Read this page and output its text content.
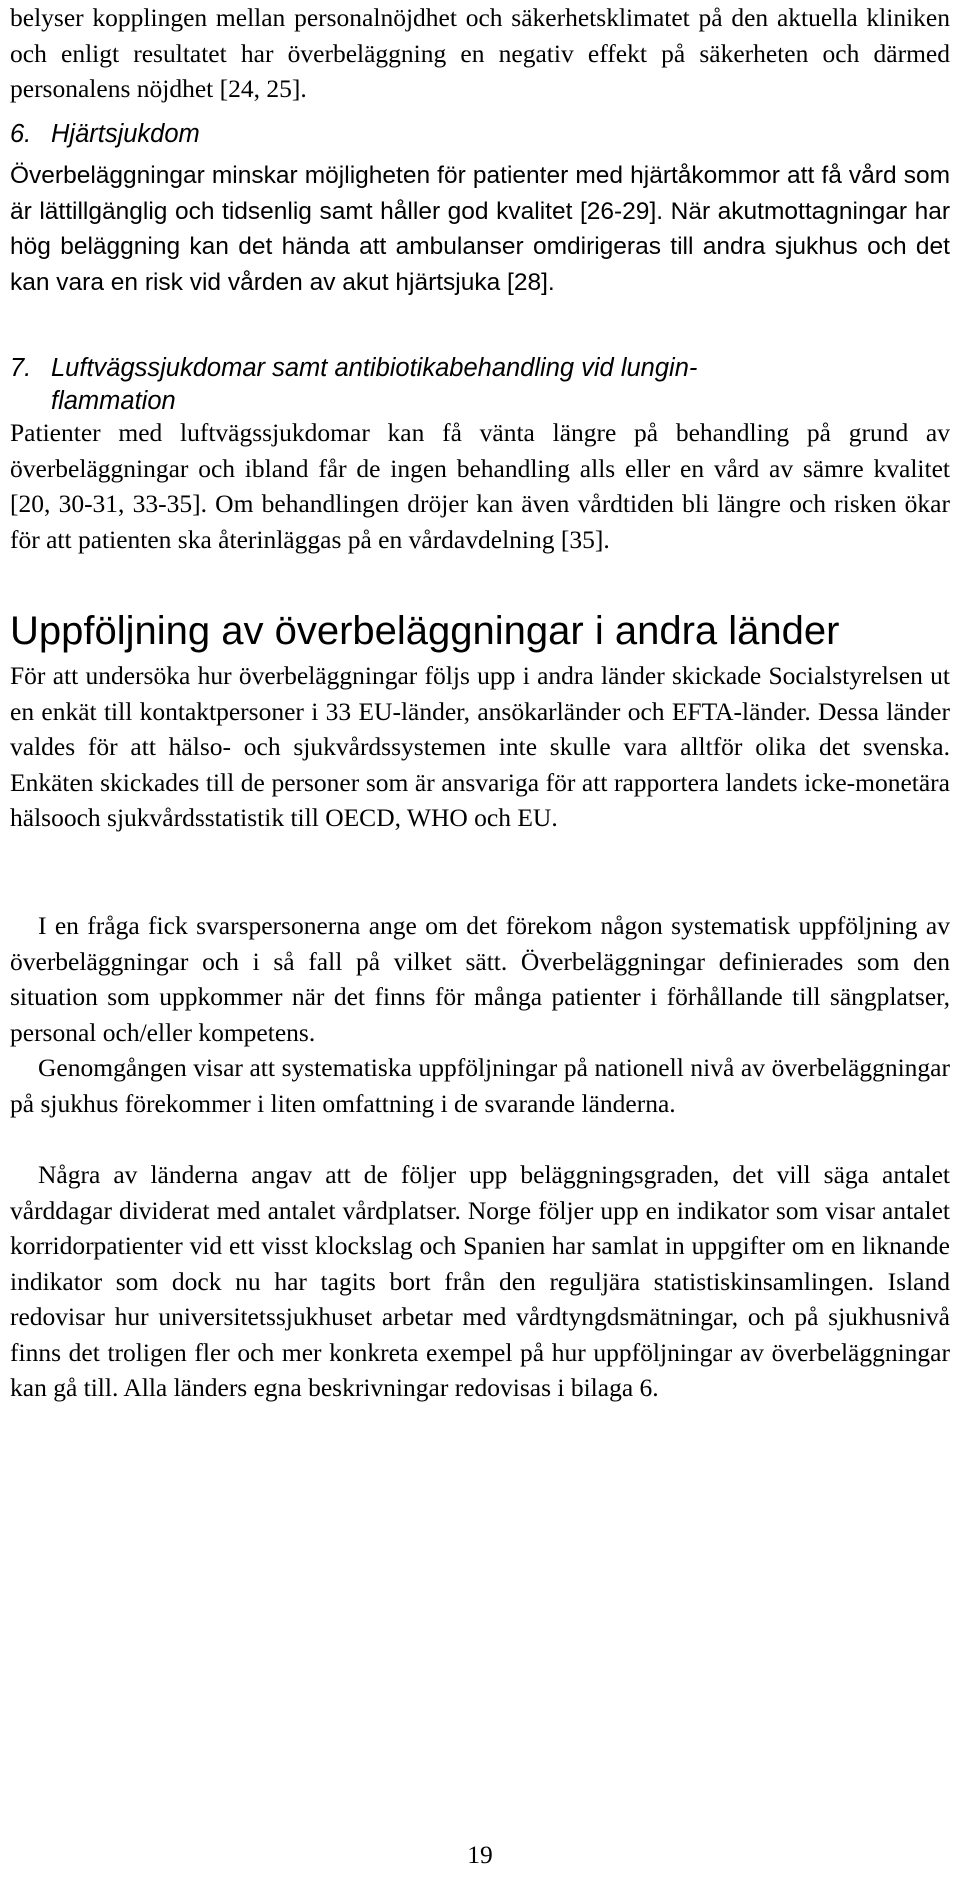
belyser kopplingen mellan personalnöjdhet och säkerhetsklimatet på den aktuella kliniken och enligt resultatet har överbeläggning en negativ effekt på säkerheten och därmed personalens nöjdhet [24, 25].

6. Hjärtsjukdom

Överbeläggningar minskar möjligheten för patienter med hjärtåkommor att få vård som är lättillgänglig och tidsenlig samt håller god kvalitet [26-29]. När akutmottagningar har hög beläggning kan det hända att ambulanser omdirigeras till andra sjukhus och det kan vara en risk vid vården av akut hjärtsjuka [28].

7. Luftvägssjukdomar samt antibiotikabehandling vid lungin-
flammation

Patienter med luftvägssjukdomar kan få vänta längre på behandling på grund av överbeläggningar och ibland får de ingen behandling alls eller en vård av sämre kvalitet [20, 30-31, 33-35]. Om behandlingen dröjer kan även vårdtiden bli längre och risken ökar för att patienten ska återinläggas på en vårdavdelning [35].

Uppföljning av överbeläggningar i andra länder

För att undersöka hur överbeläggningar följs upp i andra länder skickade Socialstyrelsen ut en enkät till kontaktpersoner i 33 EU-länder, ansökarländer och EFTA-länder. Dessa länder valdes för att hälso- och sjukvårdssystemen inte skulle vara alltför olika det svenska. Enkäten skickades till de personer som är ansvariga för att rapportera landets icke-monetära hälsooch sjukvårdsstatistik till OECD, WHO och EU.

I en fråga fick svarspersonerna ange om det förekom någon systematisk uppföljning av överbeläggningar och i så fall på vilket sätt. Överbeläggningar definierades som den situation som uppkommer när det finns för många patienter i förhållande till sängplatser, personal och/eller kompetens.

Genomgången visar att systematiska uppföljningar på nationell nivå av överbeläggningar på sjukhus förekommer i liten omfattning i de svarande länderna.

Några av länderna angav att de följer upp beläggningsgraden, det vill säga antalet vårddagar dividerat med antalet vårdplatser. Norge följer upp en indikator som visar antalet korridorpatienter vid ett visst klockslag och Spanien har samlat in uppgifter om en liknande indikator som dock nu har tagits bort från den reguljära statistiskinsamlingen. Island redovisar hur universitetssjukhuset arbetar med vårdtyngdsmätningar, och på sjukhusnivå finns det troligen fler och mer konkreta exempel på hur uppföljningar av överbeläggningar kan gå till. Alla länders egna beskrivningar redovisas i bilaga 6.

19
